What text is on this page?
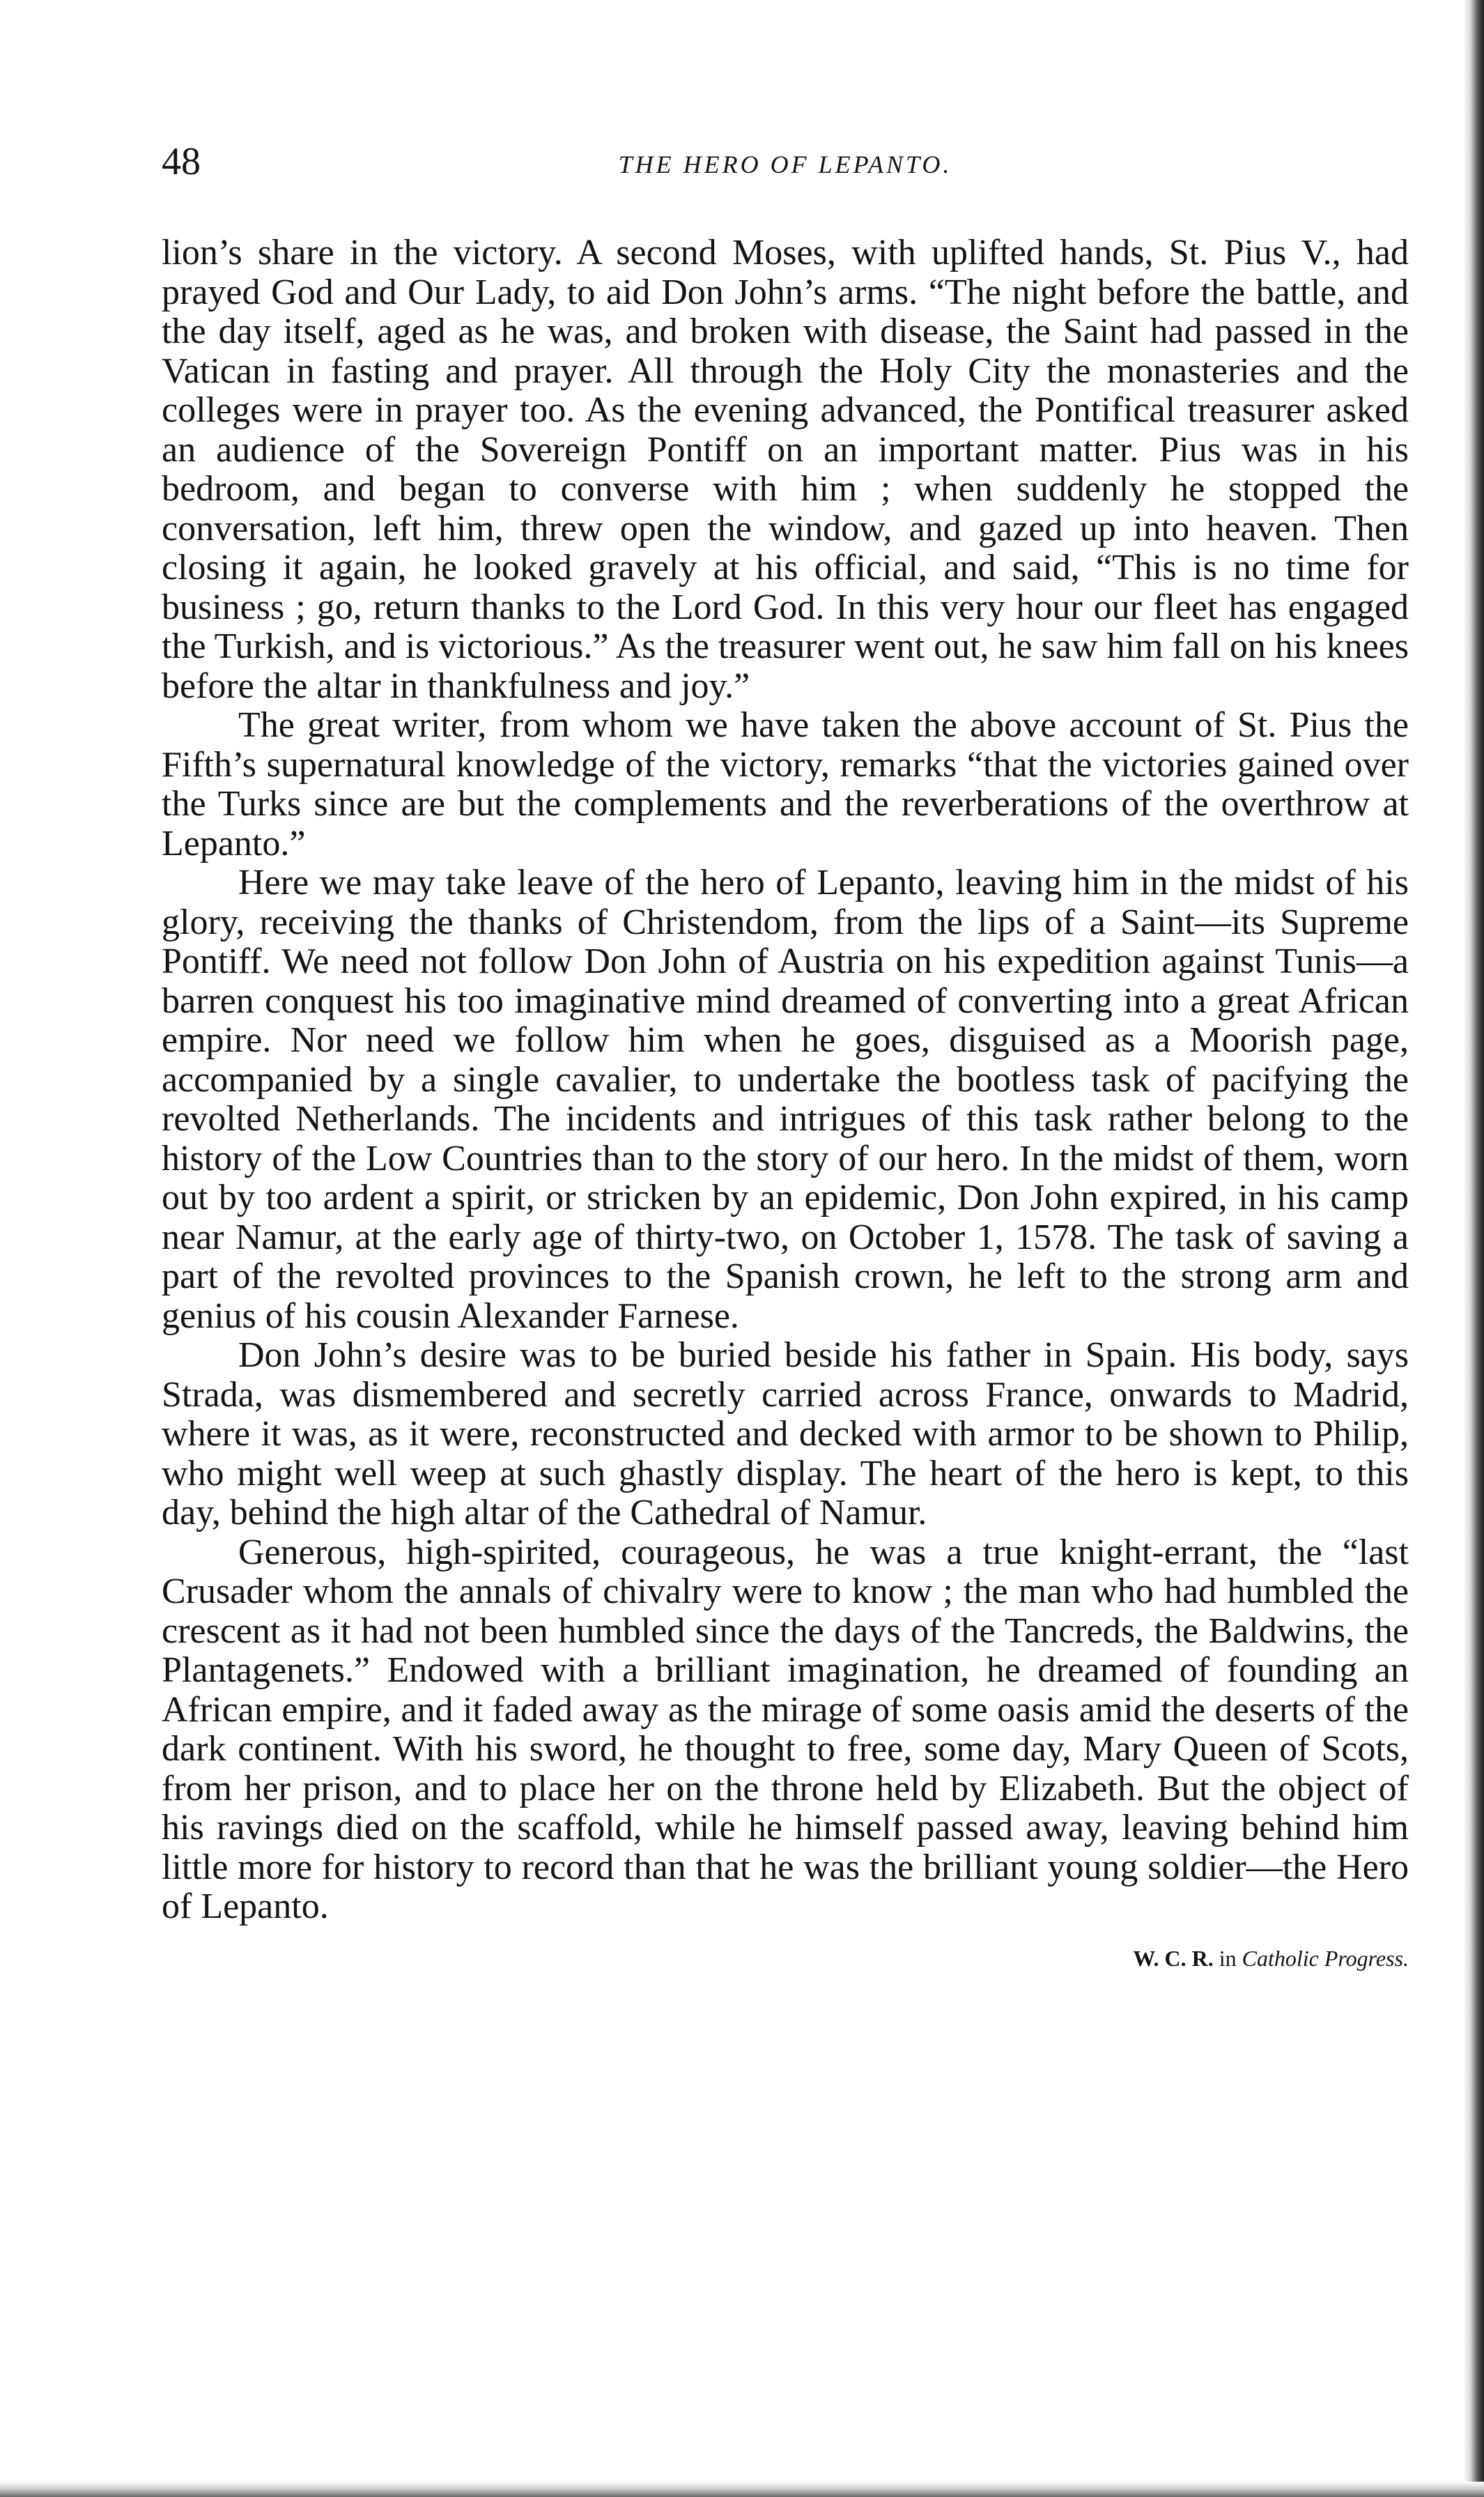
48	THE HERO OF LEPANTO.

lion’s share in the victory. A second Moses, with uplifted hands, St. Pius V., had prayed God and Our Lady, to aid Don John’s arms. “The night before the battle, and the day itself, aged as he was, and broken with disease, the Saint had passed in the Vatican in fasting and prayer. All through the Holy City the monasteries and the colleges were in prayer too. As the evening advanced, the Pontifical treasurer asked an audience of the Sovereign Pontiff on an important matter. Pius was in his bedroom, and began to converse with him ; when suddenly he stopped the conversation, left him, threw open the window, and gazed up into heaven. Then closing it again, he looked gravely at his official, and said, “This is no time for business ; go, return thanks to the Lord God. In this very hour our fleet has engaged the Turkish, and is victorious.” As the treasurer went out, he saw him fall on his knees before the altar in thankfulness and joy.”

The great writer, from whom we have taken the above account of St. Pius the Fifth’s supernatural knowledge of the victory, remarks “that the victories gained over the Turks since are but the complements and the reverberations of the overthrow at Lepanto.”

Here we may take leave of the hero of Lepanto, leaving him in the midst of his glory, receiving the thanks of Christendom, from the lips of a Saint—its Supreme Pontiff. We need not follow Don John of Austria on his expedition against Tunis—a barren conquest his too imaginative mind dreamed of converting into a great African empire. Nor need we follow him when he goes, disguised as a Moorish page, accompanied by a single cavalier, to undertake the bootless task of pacifying the revolted Netherlands. The incidents and intrigues of this task rather belong to the history of the Low Countries than to the story of our hero. In the midst of them, worn out by too ardent a spirit, or stricken by an epidemic, Don John expired, in his camp near Namur, at the early age of thirty-two, on October 1, 1578. The task of saving a part of the revolted provinces to the Spanish crown, he left to the strong arm and genius of his cousin Alexander Farnese.

Don John’s desire was to be buried beside his father in Spain. His body, says Strada, was dismembered and secretly carried across France, onwards to Madrid, where it was, as it were, reconstructed and decked with armor to be shown to Philip, who might well weep at such ghastly display. The heart of the hero is kept, to this day, behind the high altar of the Cathedral of Namur.

Generous, high-spirited, courageous, he was a true knight-errant, the “last Crusader whom the annals of chivalry were to know ; the man who had humbled the crescent as it had not been humbled since the days of the Tancreds, the Baldwins, the Plantagenets.” Endowed with a brilliant imagination, he dreamed of founding an African empire, and it faded away as the mirage of some oasis amid the deserts of the dark continent. With his sword, he thought to free, some day, Mary Queen of Scots, from her prison, and to place her on the throne held by Elizabeth. But the object of his ravings died on the scaffold, while he himself passed away, leaving behind him little more for history to record than that he was the brilliant young soldier—the Hero of Lepanto.

W. C. R. in Catholic Progress.
